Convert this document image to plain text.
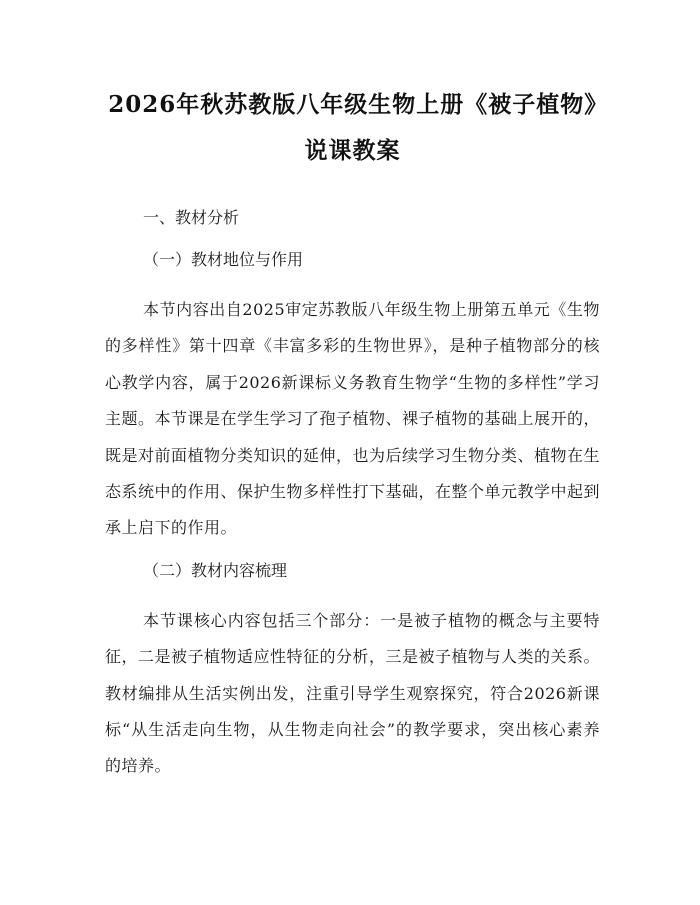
2026年秋苏教版八年级生物上册《被子植物》说课教案
一、教材分析
（一）教材地位与作用
本节内容出自2025审定苏教版八年级生物上册第五单元《生物的多样性》第十四章《丰富多彩的生物世界》，是种子植物部分的核心教学内容，属于2026新课标义务教育生物学“生物的多样性”学习主题。本节课是在学生学习了孢子植物、裸子植物的基础上展开的，既是对前面植物分类知识的延伸，也为后续学习生物分类、植物在生态系统中的作用、保护生物多样性打下基础，在整个单元教学中起到承上启下的作用。
（二）教材内容梳理
本节课核心内容包括三个部分：一是被子植物的概念与主要特征，二是被子植物适应性特征的分析，三是被子植物与人类的关系。教材编排从生活实例出发，注重引导学生观察探究，符合2026新课标“从生活走向生物，从生物走向社会”的教学要求，突出核心素养的培养。
